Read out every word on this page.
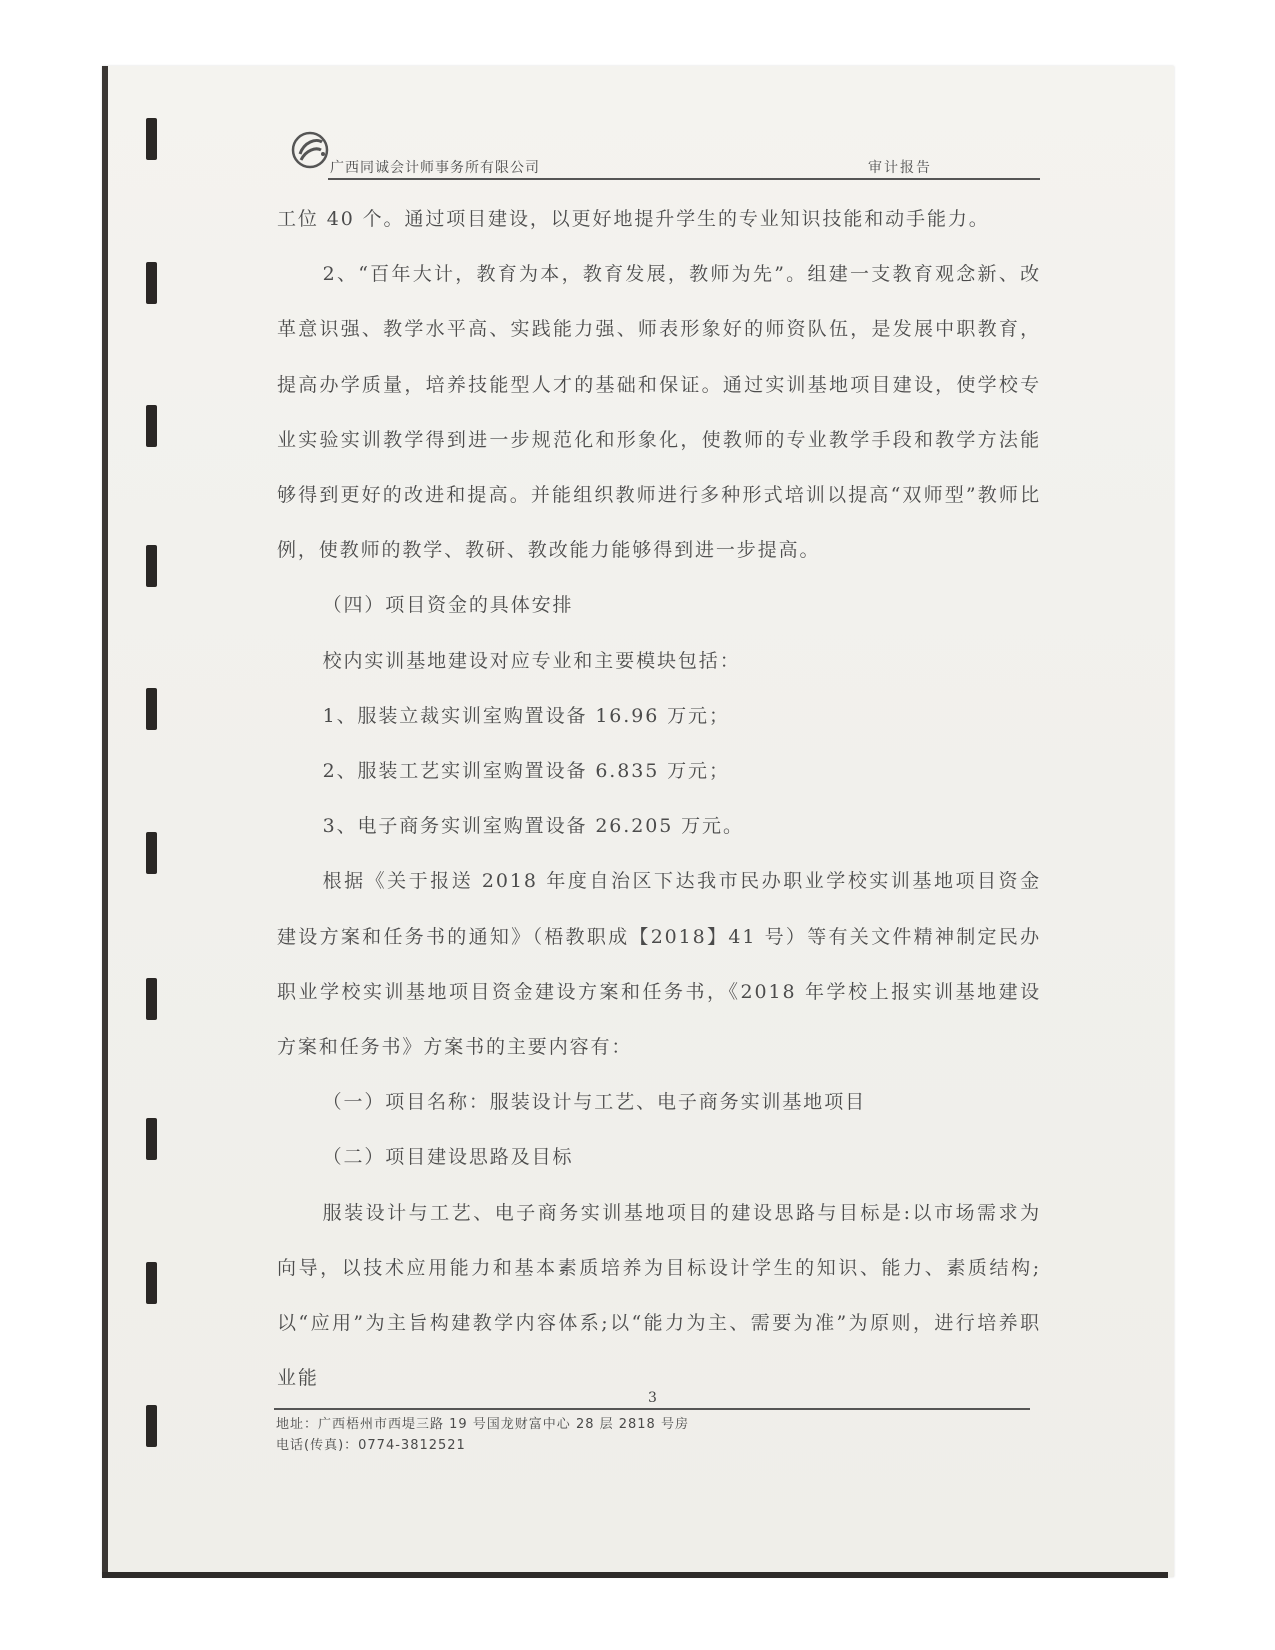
广西同诚会计师事务所有限公司	审计报告

工位 40 个。通过项目建设，以更好地提升学生的专业知识技能和动手能力。

2、“百年大计，教育为本，教育发展，教师为先”。组建一支教育观念新、改革意识强、教学水平高、实践能力强、师表形象好的师资队伍，是发展中职教育，提高办学质量，培养技能型人才的基础和保证。通过实训基地项目建设，使学校专业实验实训教学得到进一步规范化和形象化，使教师的专业教学手段和教学方法能够得到更好的改进和提高。并能组织教师进行多种形式培训以提高“双师型”教师比例，使教师的教学、教研、教改能力能够得到进一步提高。

（四）项目资金的具体安排

校内实训基地建设对应专业和主要模块包括：

1、服装立裁实训室购置设备 16.96 万元；

2、服装工艺实训室购置设备 6.835 万元；

3、电子商务实训室购置设备 26.205 万元。

根据《关于报送 2018 年度自治区下达我市民办职业学校实训基地项目资金建设方案和任务书的通知》（梧教职成【2018】41 号）等有关文件精神制定民办职业学校实训基地项目资金建设方案和任务书，《2018 年学校上报实训基地建设方案和任务书》方案书的主要内容有：

（一）项目名称：服装设计与工艺、电子商务实训基地项目

（二）项目建设思路及目标

服装设计与工艺、电子商务实训基地项目的建设思路与目标是:以市场需求为向导，以技术应用能力和基本素质培养为目标设计学生的知识、能力、素质结构;以“应用”为主旨构建教学内容体系;以“能力为主、需要为准”为原则，进行培养职业能

3
地址：广西梧州市西堤三路 19 号国龙财富中心 28 层 2818 号房
电话(传真)：0774-3812521
